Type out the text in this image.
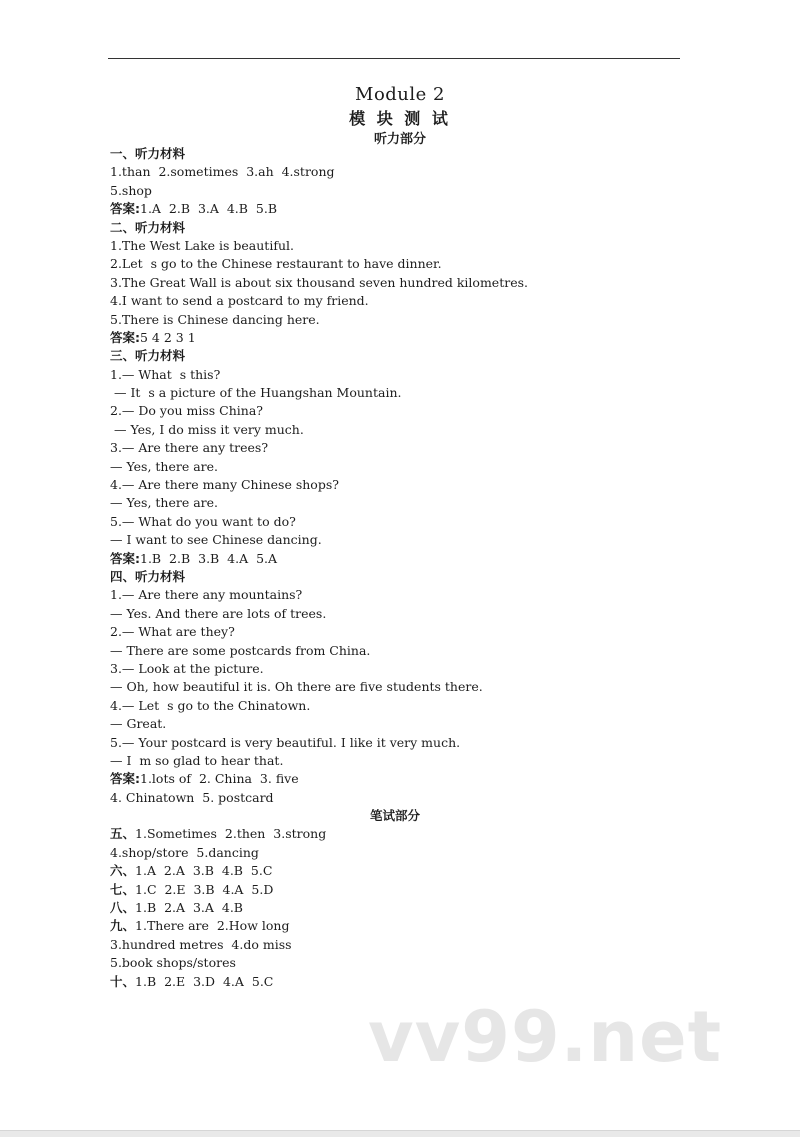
Module 2
模 块 测 试
听力部分
一、听力材料
1.than  2.sometimes  3.ah  4.strong
5.shop
答案:1.A  2.B  3.A  4.B  5.B
二、听力材料
1.The West Lake is beautiful.
2.Let  s go to the Chinese restaurant to have dinner.
3.The Great Wall is about six thousand seven hundred kilometres.
4.I want to send a postcard to my friend.
5.There is Chinese dancing here.
答案:5 4 2 3 1
三、听力材料
1.— What  s this?
— It  s a picture of the Huangshan Mountain.
2.— Do you miss China?
— Yes, I do miss it very much.
3.— Are there any trees?
— Yes, there are.
4.— Are there many Chinese shops?
— Yes, there are.
5.— What do you want to do?
— I want to see Chinese dancing.
答案:1.B  2.B  3.B  4.A  5.A
四、听力材料
1.— Are there any mountains?
— Yes. And there are lots of trees.
2.— What are they?
— There are some postcards from China.
3.— Look at the picture.
— Oh, how beautiful it is. Oh there are five students there.
4.— Let  s go to the Chinatown.
— Great.
5.— Your postcard is very beautiful. I like it very much.
— I  m so glad to hear that.
答案:1.lots of  2. China  3. five
4. Chinatown  5. postcard
笔试部分
五、1.Sometimes  2.then  3.strong
4.shop/store  5.dancing
六、1.A  2.A  3.B  4.B  5.C
七、1.C  2.E  3.B  4.A  5.D
八、1.B  2.A  3.A  4.B
九、1.There are  2.How long
3.hundred metres  4.do miss
5.book shops/stores
十、1.B  2.E  3.D  4.A  5.C
vv99.net
